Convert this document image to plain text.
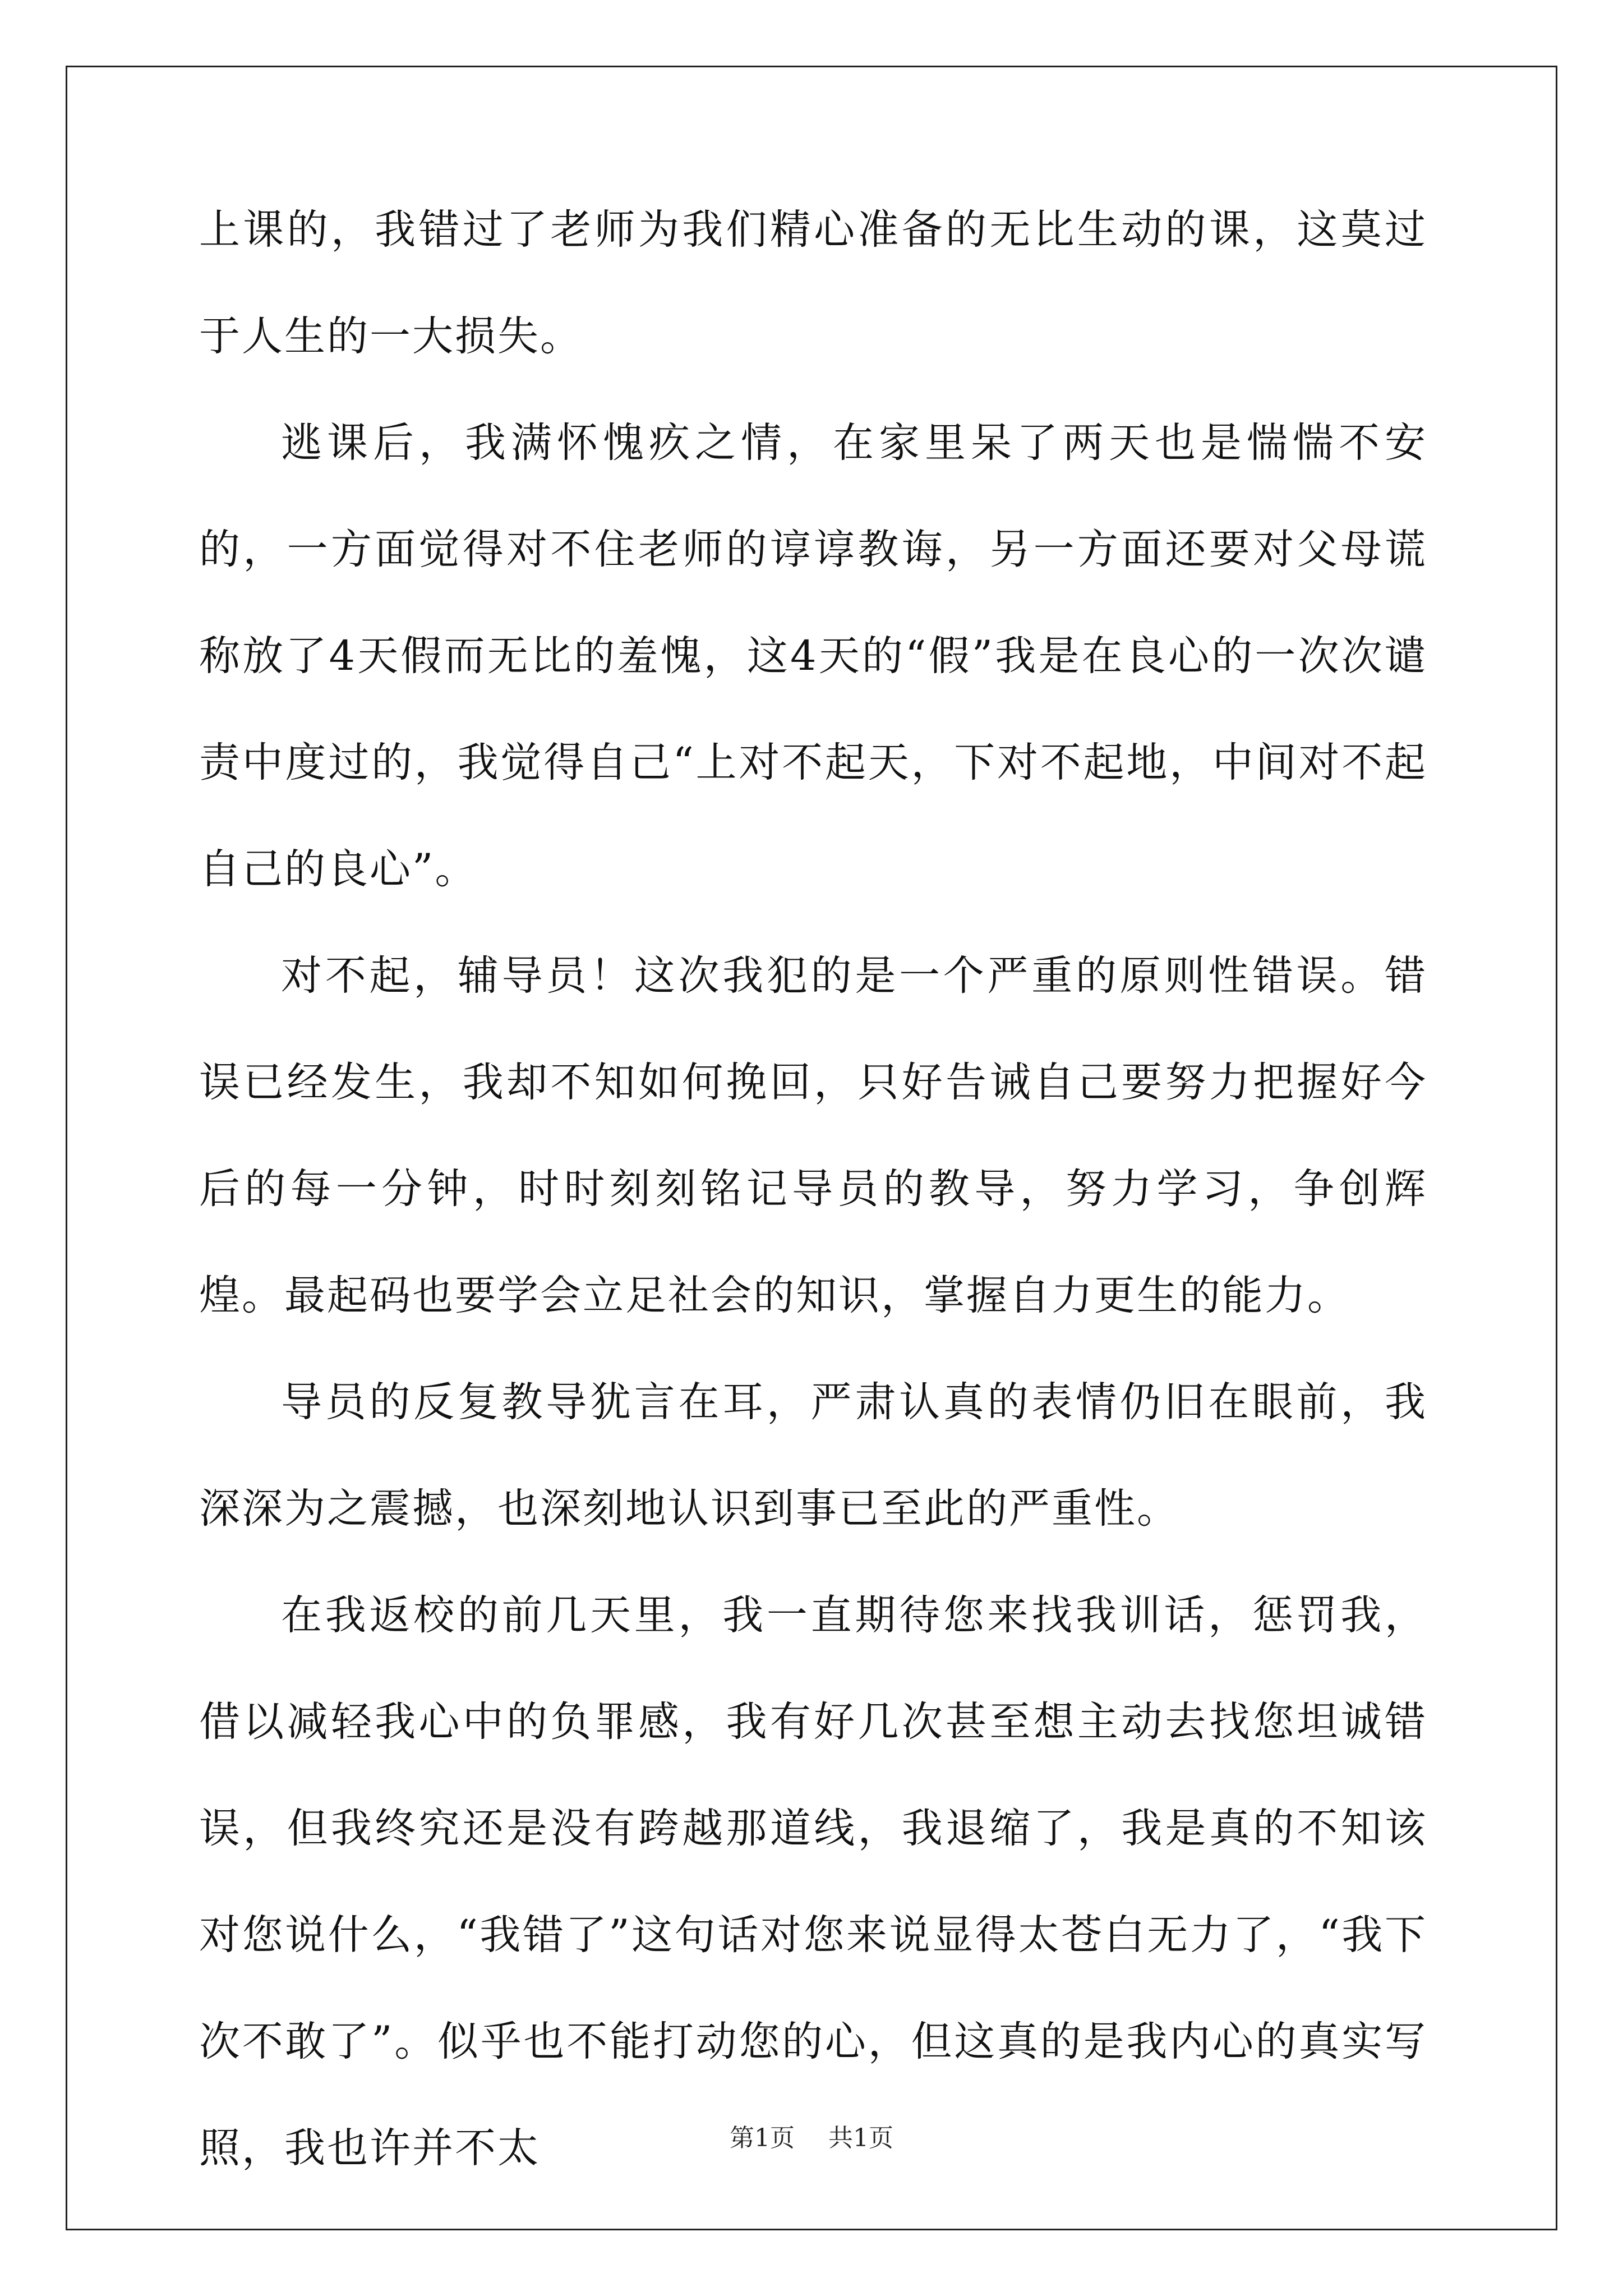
上课的，我错过了老师为我们精心准备的无比生动的课，这莫过于人生的一大损失。

逃课后，我满怀愧疚之情，在家里呆了两天也是惴惴不安的，一方面觉得对不住老师的谆谆教诲，另一方面还要对父母谎称放了4天假而无比的羞愧，这4天的“假”我是在良心的一次次谴责中度过的，我觉得自己“上对不起天，下对不起地，中间对不起自己的良心”。

对不起，辅导员！这次我犯的是一个严重的原则性错误。错误已经发生，我却不知如何挽回，只好告诫自己要努力把握好今后的每一分钟，时时刻刻铭记导员的教导，努力学习，争创辉煌。最起码也要学会立足社会的知识，掌握自力更生的能力。

导员的反复教导犹言在耳，严肃认真的表情仍旧在眼前，我深深为之震撼，也深刻地认识到事已至此的严重性。

在我返校的前几天里，我一直期待您来找我训话，惩罚我，借以减轻我心中的负罪感，我有好几次甚至想主动去找您坦诚错误，但我终究还是没有跨越那道线，我退缩了，我是真的不知该对您说什么，“我错了”这句话对您来说显得太苍白无力了，“我下次不敢了”。似乎也不能打动您的心，但这真的是我内心的真实写照，我也许并不太	第1页 共1页
